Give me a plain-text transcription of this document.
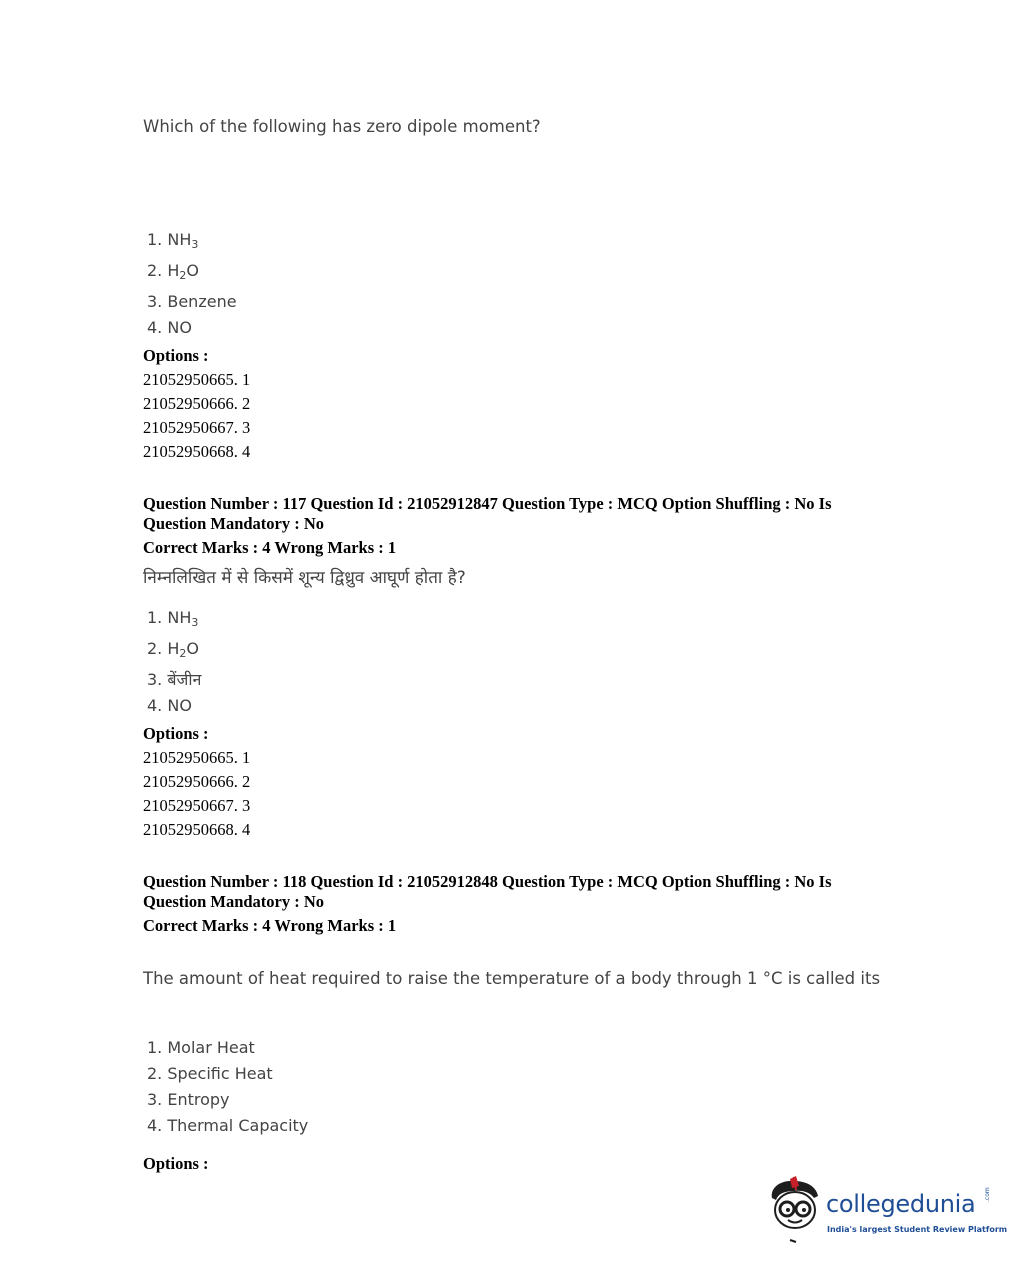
Which of the following has zero dipole moment?
1. $NH_3$
2. $H_2O$
3. Benzene
4. NO
Options :
21052950665. 1
21052950666. 2
21052950667. 3
21052950668. 4
Question Number : 117 Question Id : 21052912847 Question Type : MCQ Option Shuffling : No Is
Question Mandatory : No
Correct Marks : 4 Wrong Marks : 1
निम्नलिखित में से किसमें शून्य द्विध्रुव आघूर्ण होता है?
1. $NH_3$
2. $H_2O$
3. बेंजीन
4. NO
Options :
21052950665. 1
21052950666. 2
21052950667. 3
21052950668. 4
Question Number : 118 Question Id : 21052912848 Question Type : MCQ Option Shuffling : No Is
Question Mandatory : No
Correct Marks : 4 Wrong Marks : 1
The amount of heat required to raise the temperature of a body through 1 °C is called its
1. Molar Heat
2. Specific Heat
3. Entropy
4. Thermal Capacity
Options :
collegedunia .com
India's largest Student Review Platform
